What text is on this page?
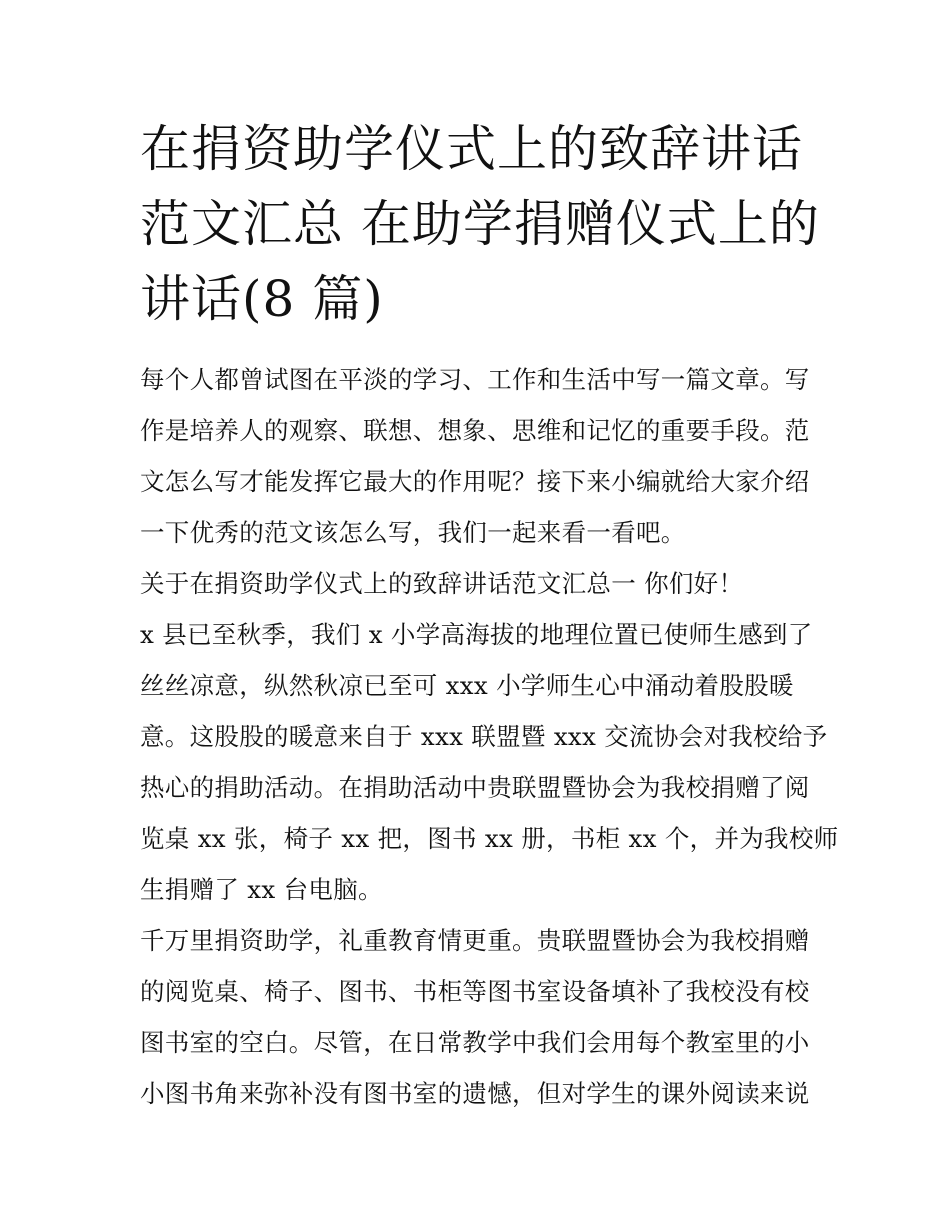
在捐资助学仪式上的致辞讲话
范文汇总 在助学捐赠仪式上的
讲话(8 篇)
每个人都曾试图在平淡的学习、工作和生活中写一篇文章。写
作是培养人的观察、联想、想象、思维和记忆的重要手段。范
文怎么写才能发挥它最大的作用呢？接下来小编就给大家介绍
一下优秀的范文该怎么写，我们一起来看一看吧。
关于在捐资助学仪式上的致辞讲话范文汇总一 你们好！
x 县已至秋季，我们 x 小学高海拔的地理位置已使师生感到了
丝丝凉意，纵然秋凉已至可 xxx 小学师生心中涌动着股股暖
意。这股股的暖意来自于 xxx 联盟暨 xxx 交流协会对我校给予
热心的捐助活动。在捐助活动中贵联盟暨协会为我校捐赠了阅
览桌 xx 张，椅子 xx 把，图书 xx 册，书柜 xx 个，并为我校师
生捐赠了 xx 台电脑。
千万里捐资助学，礼重教育情更重。贵联盟暨协会为我校捐赠
的阅览桌、椅子、图书、书柜等图书室设备填补了我校没有校
图书室的空白。尽管，在日常教学中我们会用每个教室里的小
小图书角来弥补没有图书室的遗憾，但对学生的课外阅读来说
